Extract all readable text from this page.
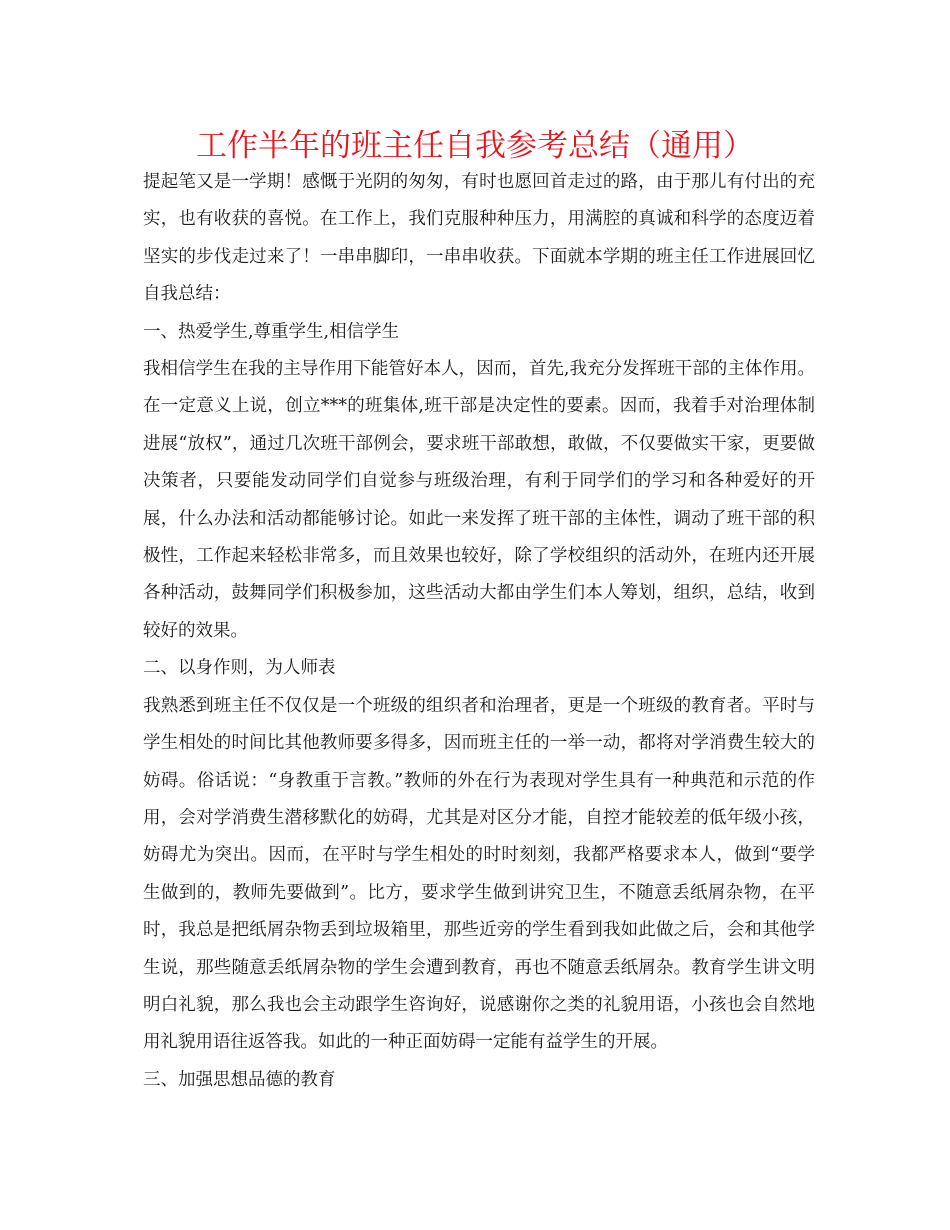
工作半年的班主任自我参考总结（通用）

提起笔又是一学期！感慨于光阴的匆匆，有时也愿回首走过的路，由于那儿有付出的充实，也有收获的喜悦。在工作上，我们克服种种压力，用满腔的真诚和科学的态度迈着坚实的步伐走过来了！一串串脚印，一串串收获。下面就本学期的班主任工作进展回忆自我总结：

一、热爱学生,尊重学生,相信学生

我相信学生在我的主导作用下能管好本人，因而，首先,我充分发挥班干部的主体作用。在一定意义上说，创立***的班集体,班干部是决定性的要素。因而，我着手对治理体制进展“放权”，通过几次班干部例会，要求班干部敢想，敢做，不仅要做实干家，更要做决策者，只要能发动同学们自觉参与班级治理，有利于同学们的学习和各种爱好的开展，什么办法和活动都能够讨论。如此一来发挥了班干部的主体性，调动了班干部的积极性，工作起来轻松非常多，而且效果也较好，除了学校组织的活动外，在班内还开展各种活动，鼓舞同学们积极参加，这些活动大都由学生们本人筹划，组织，总结，收到较好的效果。

二、以身作则，为人师表

我熟悉到班主任不仅仅是一个班级的组织者和治理者，更是一个班级的教育者。平时与学生相处的时间比其他教师要多得多，因而班主任的一举一动，都将对学消费生较大的妨碍。俗话说：“身教重于言教。”教师的外在行为表现对学生具有一种典范和示范的作用，会对学消费生潜移默化的妨碍，尤其是对区分才能，自控才能较差的低年级小孩，妨碍尤为突出。因而，在平时与学生相处的时时刻刻，我都严格要求本人，做到“要学生做到的，教师先要做到”。比方，要求学生做到讲究卫生，不随意丢纸屑杂物，在平时，我总是把纸屑杂物丢到垃圾箱里，那些近旁的学生看到我如此做之后，会和其他学生说，那些随意丢纸屑杂物的学生会遭到教育，再也不随意丢纸屑杂。教育学生讲文明明白礼貌，那么我也会主动跟学生咨询好，说感谢你之类的礼貌用语，小孩也会自然地用礼貌用语往返答我。如此的一种正面妨碍一定能有益学生的开展。

三、加强思想品德的教育
